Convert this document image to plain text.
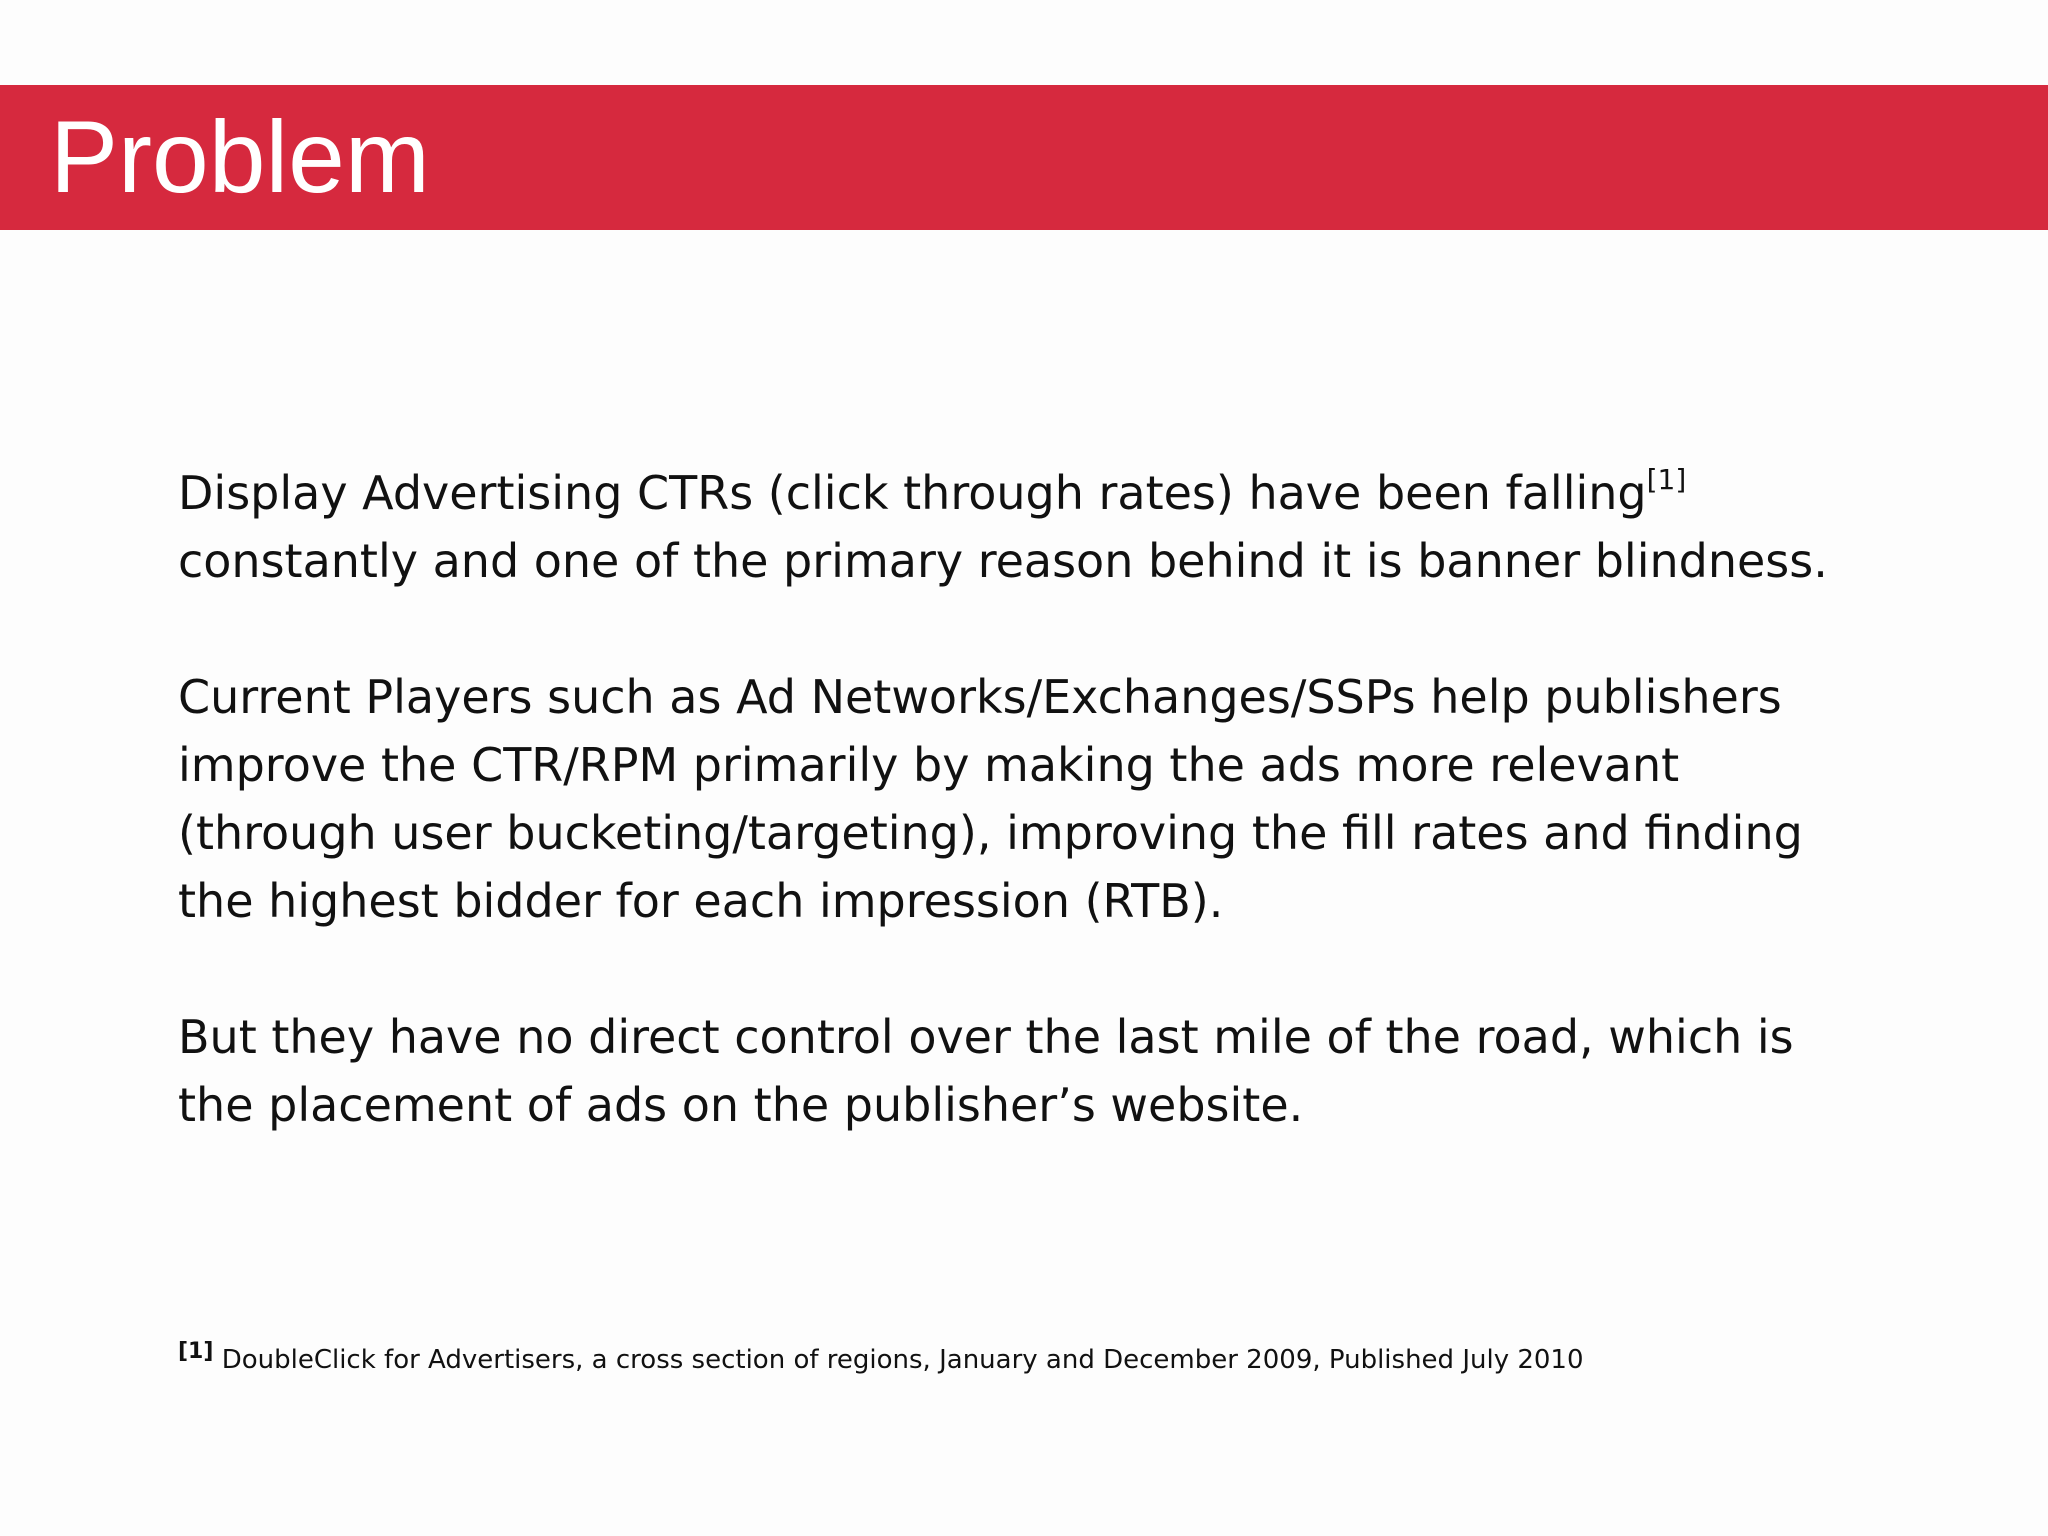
Problem

Display Advertising CTRs (click through rates) have been falling[1]
constantly and one of the primary reason behind it is banner blindness.

Current Players such as Ad Networks/Exchanges/SSPs help publishers
improve the CTR/RPM primarily by making the ads more relevant
(through user bucketing/targeting), improving the fill rates and finding
the highest bidder for each impression (RTB).

But they have no direct control over the last mile of the road, which is
the placement of ads on the publisher’s website.

[1] DoubleClick for Advertisers, a cross section of regions, January and December 2009, Published July 2010
